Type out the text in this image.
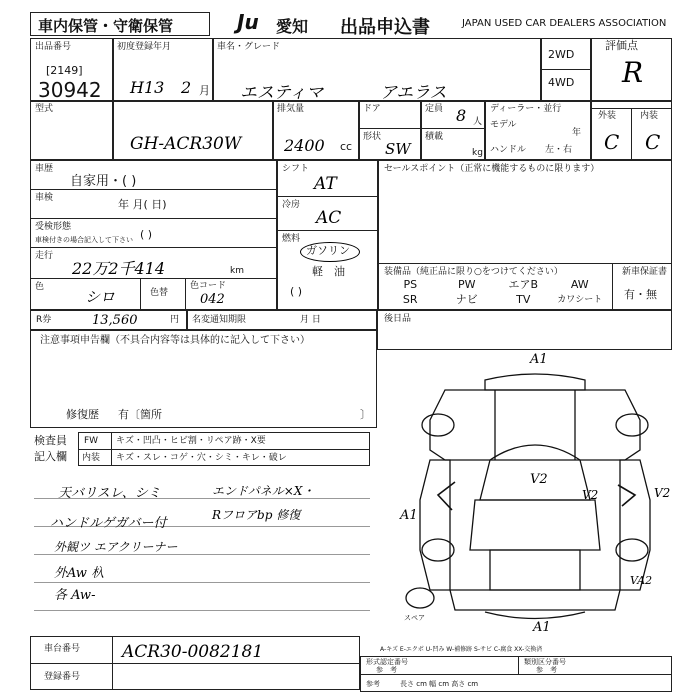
車内保管・守衛保管	Ju 愛知 出品申込書	JAPAN USED CAR DEALERS ASSOCIATION
出品番号
[2149]
30942
初度登録年月
H13 2 月
車名・グレード
エスティマ	アエラス
2WD
4WD
評価点
R
型式
GH-ACR30W
排気量
2400 cc
ドア	定員 8 人
形状
SW
積載
kg
ディーラー・並行
モデル
年
ハンドル 左・右
外装	内装
C C
車歴
自家用・( )
車検	年 月( 日)
受検形態
車検付きの場合記入して下さい ( )
走行
22万2千414	km
色
シロ	色替
色コード
042
シフト
AT
冷房
AC
燃料
ガソリン
軽　油
( )
セールスポイント（正常に機能するものに限ります）
装備品（純正品に限り○をつけてください）
PS	PW	エアB	AW
SR	ナビ	TV	カワシート
新車保証書
有・無
R券	13,560	円 名変通知期限	月 日	後日品
注意事項申告欄（不具合内容等は具体的に記入して下さい）
修復歴 有〔箇所	〕
検査員
記入欄
FW キズ・凹凸・ヒビ割・リペア跡・X要
内装 キズ・スレ・コゲ・穴・シミ・キレ・破レ
天バリスレ、シミ
ハンドルゲガバー付
外観ツ エアクリーナー
外Aw 杁
各 Aw-
エンドパネル×X・
Rフロアbp 修復
A1
V2
A1
V2	V2
VA2
A1
スペア
A-キズ E-エクボ U-凹み W-補修跡 S-サビ C-腐食 XX-交換済
車台番号 ACR30-0082181
登録番号
形式認定番号
参　考
類別区分番号
参　考
参考	長さ cm 幅 cm 高さ cm
